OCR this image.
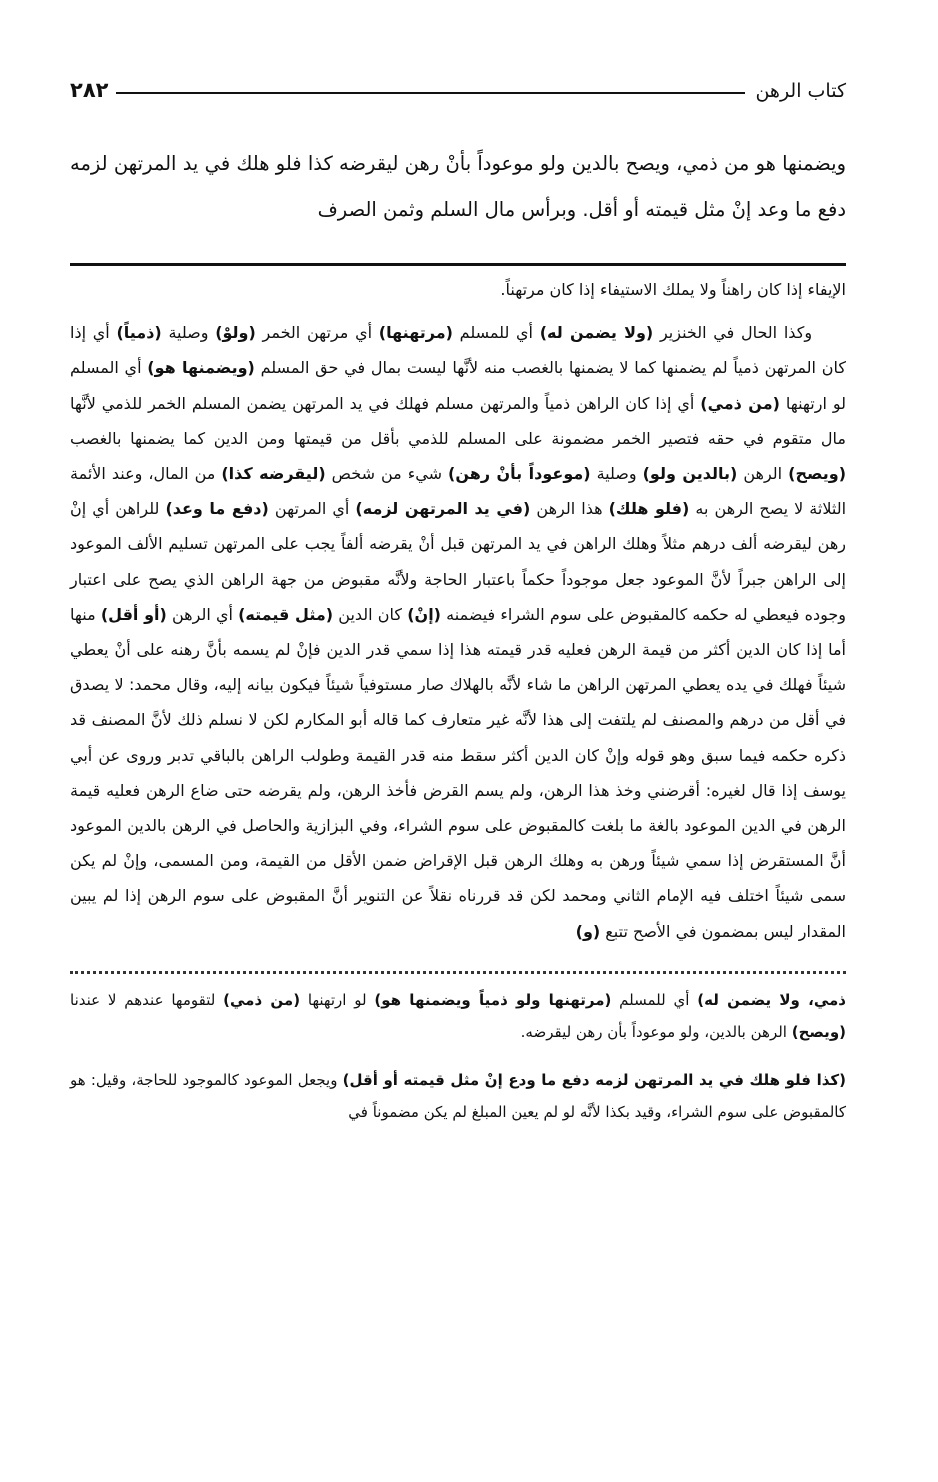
كتاب الرهن
٢٨٢

ويضمنها هو من ذمي، ويصح بالدين ولو موعوداً بأنْ رهن ليقرضه كذا فلو هلك في يد المرتهن لزمه دفع ما وعد إنْ مثل قيمته أو أقل. وبرأس مال السلم وثمن الصرف

الإيفاء إذا كان راهناً ولا يملك الاستيفاء إذا كان مرتهناً.

وكذا الحال في الخنزير (ولا يضمن له) أي للمسلم (مرتهنها) أي مرتهن الخمر (ولوْ) وصلية (ذمياً) أي إذا كان المرتهن ذمياً لم يضمنها كما لا يضمنها بالغصب منه لأنَّها ليست بمال في حق المسلم (ويضمنها هو) أي المسلم لو ارتهنها (من ذمي) أي إذا كان الراهن ذمياً والمرتهن مسلم فهلك في يد المرتهن يضمن المسلم الخمر للذمي لأنَّها مال متقوم في حقه فتصير الخمر مضمونة على المسلم للذمي بأقل من قيمتها ومن الدين كما يضمنها بالغصب (ويصح) الرهن (بالدين ولو) وصلية (موعوداً بأنْ رهن) شيء من شخص (ليقرضه كذا) من المال، وعند الأئمة الثلاثة لا يصح الرهن به (فلو هلك) هذا الرهن (في يد المرتهن لزمه) أي المرتهن (دفع ما وعد) للراهن أي إنْ رهن ليقرضه ألف درهم مثلاً وهلك الراهن في يد المرتهن قبل أنْ يقرضه ألفاً يجب على المرتهن تسليم الألف الموعود إلى الراهن جبراً لأنَّ الموعود جعل موجوداً حكماً باعتبار الحاجة ولأنَّه مقبوض من جهة الراهن الذي يصح على اعتبار وجوده فيعطي له حكمه كالمقبوض على سوم الشراء فيضمنه (إنْ) كان الدين (مثل قيمته) أي الرهن (أو أقل) منها أما إذا كان الدين أكثر من قيمة الرهن فعليه قدر قيمته هذا إذا سمي قدر الدين فإنْ لم يسمه بأنَّ رهنه على أنْ يعطي شيئاً فهلك في يده يعطي المرتهن الراهن ما شاء لأنَّه بالهلاك صار مستوفياً شيئاً فيكون بيانه إليه، وقال محمد: لا يصدق في أقل من درهم والمصنف لم يلتفت إلى هذا لأنَّه غير متعارف كما قاله أبو المكارم لكن لا نسلم ذلك لأنَّ المصنف قد ذكره حكمه فيما سبق وهو قوله وإنْ كان الدين أكثر سقط منه قدر القيمة وطولب الراهن بالباقي تدبر وروى عن أبي يوسف إذا قال لغيره: أقرضني وخذ هذا الرهن، ولم يسم القرض فأخذ الرهن، ولم يقرضه حتى ضاع الرهن فعليه قيمة الرهن في الدين الموعود بالغة ما بلغت كالمقبوض على سوم الشراء، وفي البزازية والحاصل في الرهن بالدين الموعود أنَّ المستقرض إذا سمي شيئاً ورهن به وهلك الرهن قبل الإقراض ضمن الأقل من القيمة، ومن المسمى، وإنْ لم يكن سمى شيئاً اختلف فيه الإمام الثاني ومحمد لكن قد قررناه نقلاً عن التنوير أنَّ المقبوض على سوم الرهن إذا لم يبين المقدار ليس بمضمون في الأصح تتبع (و)

ذمي، ولا يضمن له) أي للمسلم (مرتهنها ولو ذمياً ويضمنها هو) لو ارتهنها (من ذمي) لتقومها عندهم لا عندنا (ويصح) الرهن بالدين، ولو موعوداً بأن رهن ليقرضه.

(كذا فلو هلك في يد المرتهن لزمه دفع ما ودع إنْ مثل قيمته أو أقل) ويجعل الموعود كالموجود للحاجة، وقيل: هو كالمقبوض على سوم الشراء، وقيد بكذا لأنَّه لو لم يعين المبلغ لم يكن مضموناً في
